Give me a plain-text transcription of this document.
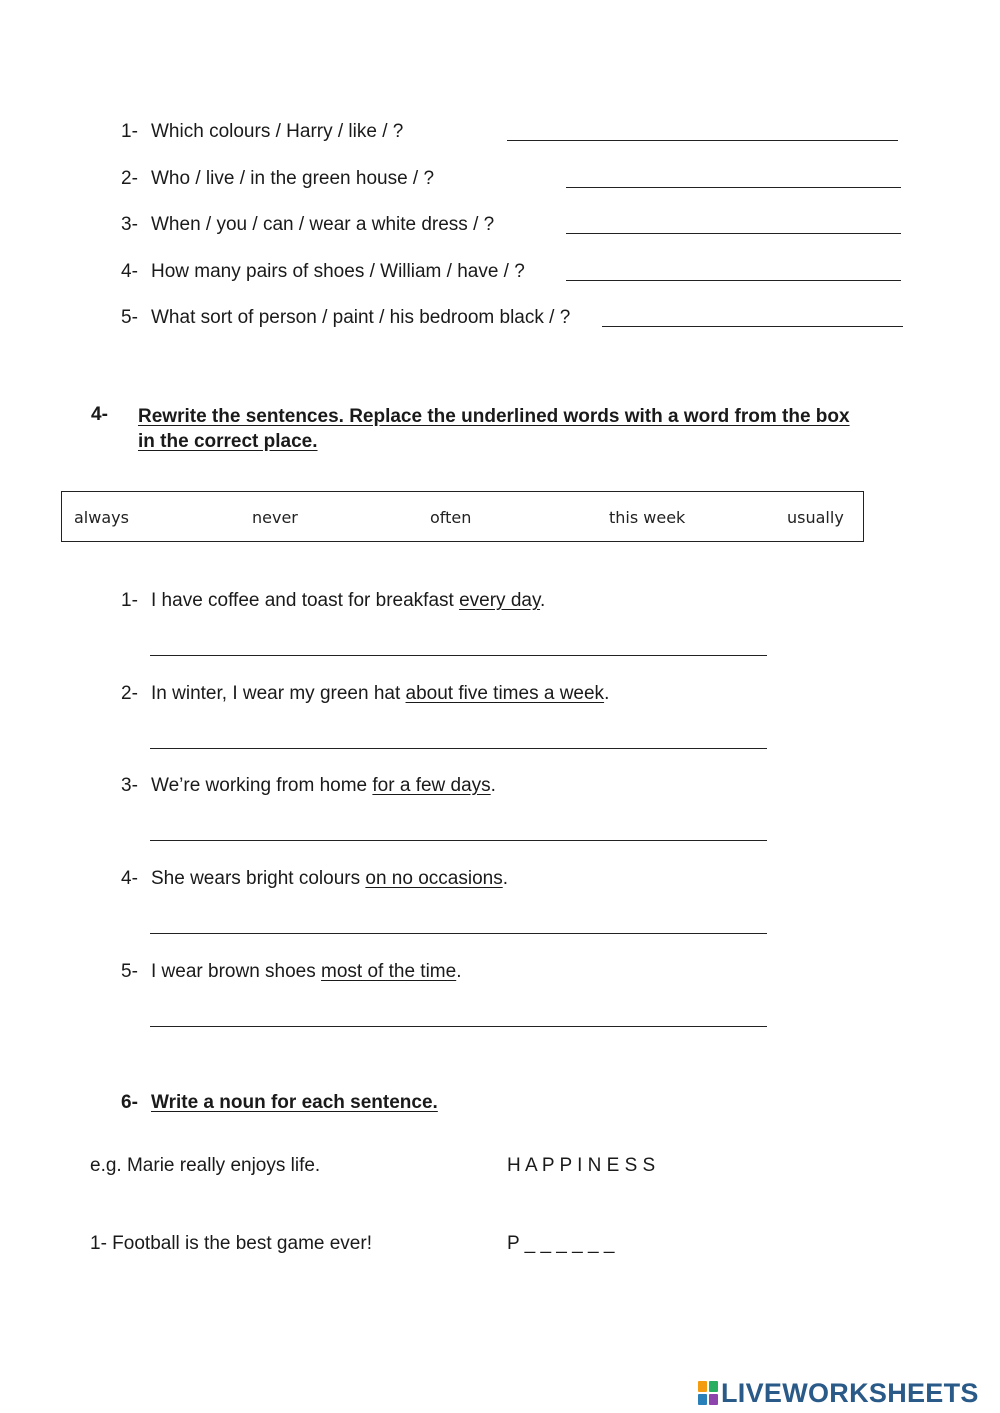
1- Which colours / Harry / like / ?
2- Who / live / in the green house / ?
3- When / you / can / wear a white dress / ?
4- How many pairs of shoes / William / have / ?
5- What sort of person / paint / his bedroom black / ?
4- Rewrite the sentences. Replace the underlined words with a word from the box
in the correct place.
always	never	often	this week	usually
1- I have coffee and toast for breakfast every day.
2- In winter, I wear my green hat about five times a week.
3- We’re working from home for a few days.
4- She wears bright colours on no occasions.
5- I wear brown shoes most of the time.
6- Write a noun for each sentence.
e.g. Marie really enjoys life.	H A P P I N E S S
1- Football is the best game ever!	P _ _ _ _ _ _
LIVEWORKSHEETS
